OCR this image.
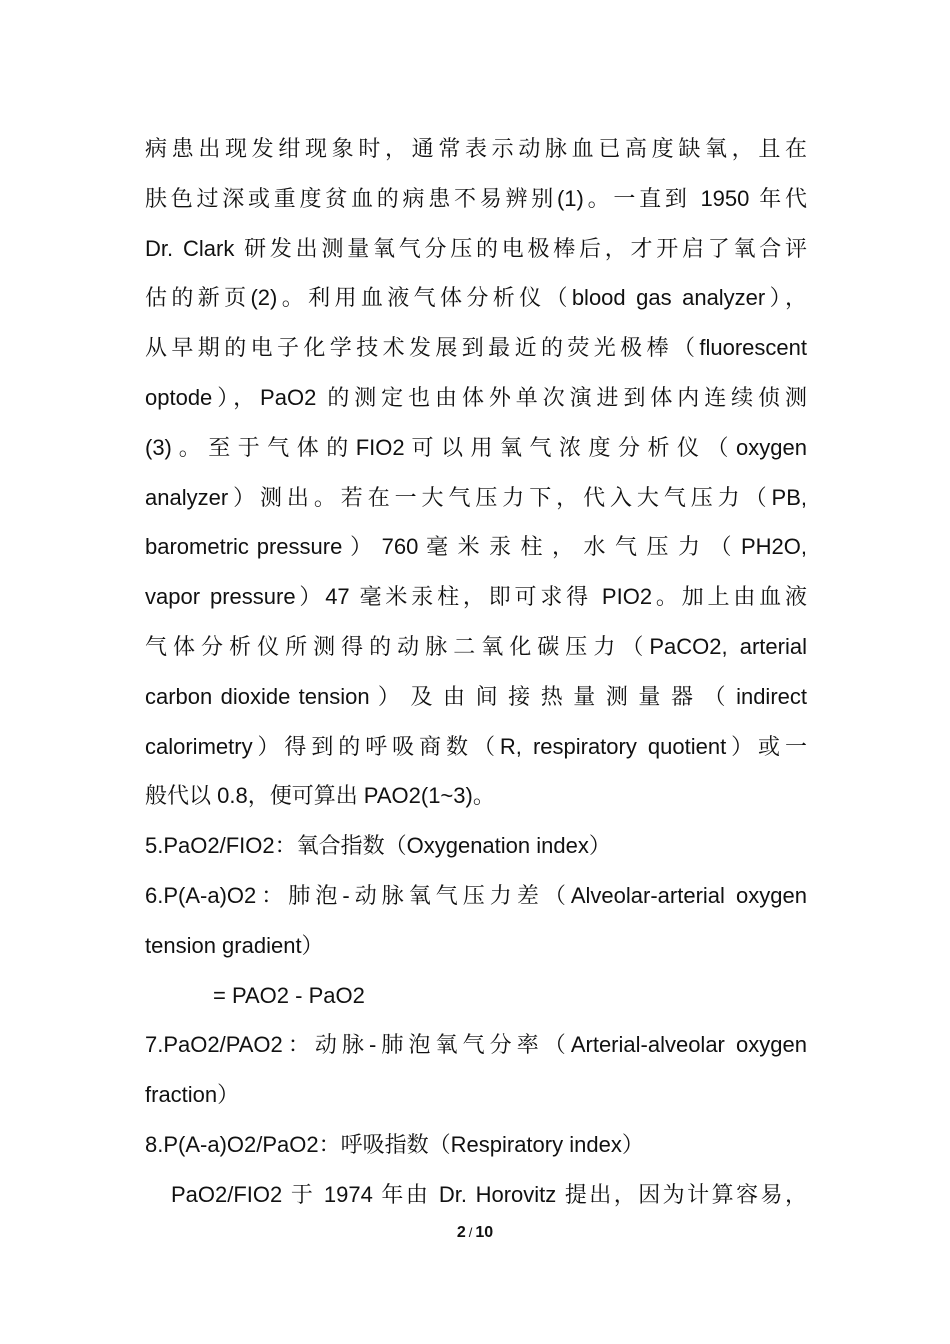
病患出现发绀现象时，通常表示动脉血已高度缺氧，且在
肤色过深或重度贫血的病患不易辨别(1)。一直到 1950 年代
Dr. Clark 研发出测量氧气分压的电极棒后，才开启了氧合评
估的新页(2)。利用血液气体分析仪（blood gas analyzer），
从早期的电子化学技术发展到最近的荧光极棒（fluorescent
optode），PaO2 的测定也由体外单次演进到体内连续侦测
(3) 。 至 于 气 体 的 FIO2 可 以 用 氧 气 浓 度 分 析 仪 （ oxygen
analyzer）测出。若在一大气压力下，代入大气压力（PB,
barometric pressure ） 760 毫 米 汞 柱 ， 水 气 压 力 （ PH2O,
vapor pressure）47 毫米汞柱，即可求得 PIO2。加上由血液
气体分析仪所测得的动脉二氧化碳压力（PaCO2, arterial
carbon dioxide tension ） 及 由 间 接 热 量 测 量 器 （ indirect
calorimetry）得到的呼吸商数（R, respiratory quotient）或一
般代以 0.8，便可算出 PAO2(1~3)。
5.PaO2/FIO2：氧合指数（Oxygenation index）
6.P(A-a)O2：肺泡-动脉氧气压力差（Alveolar-arterial oxygen
tension gradient）
= PAO2 - PaO2
7.PaO2/PAO2：动脉-肺泡氧气分率（Arterial-alveolar oxygen
fraction）
8.P(A-a)O2/PaO2：呼吸指数（Respiratory index）
PaO2/FIO2 于 1974 年由 Dr. Horovitz 提出，因为计算容易，
2 / 10
